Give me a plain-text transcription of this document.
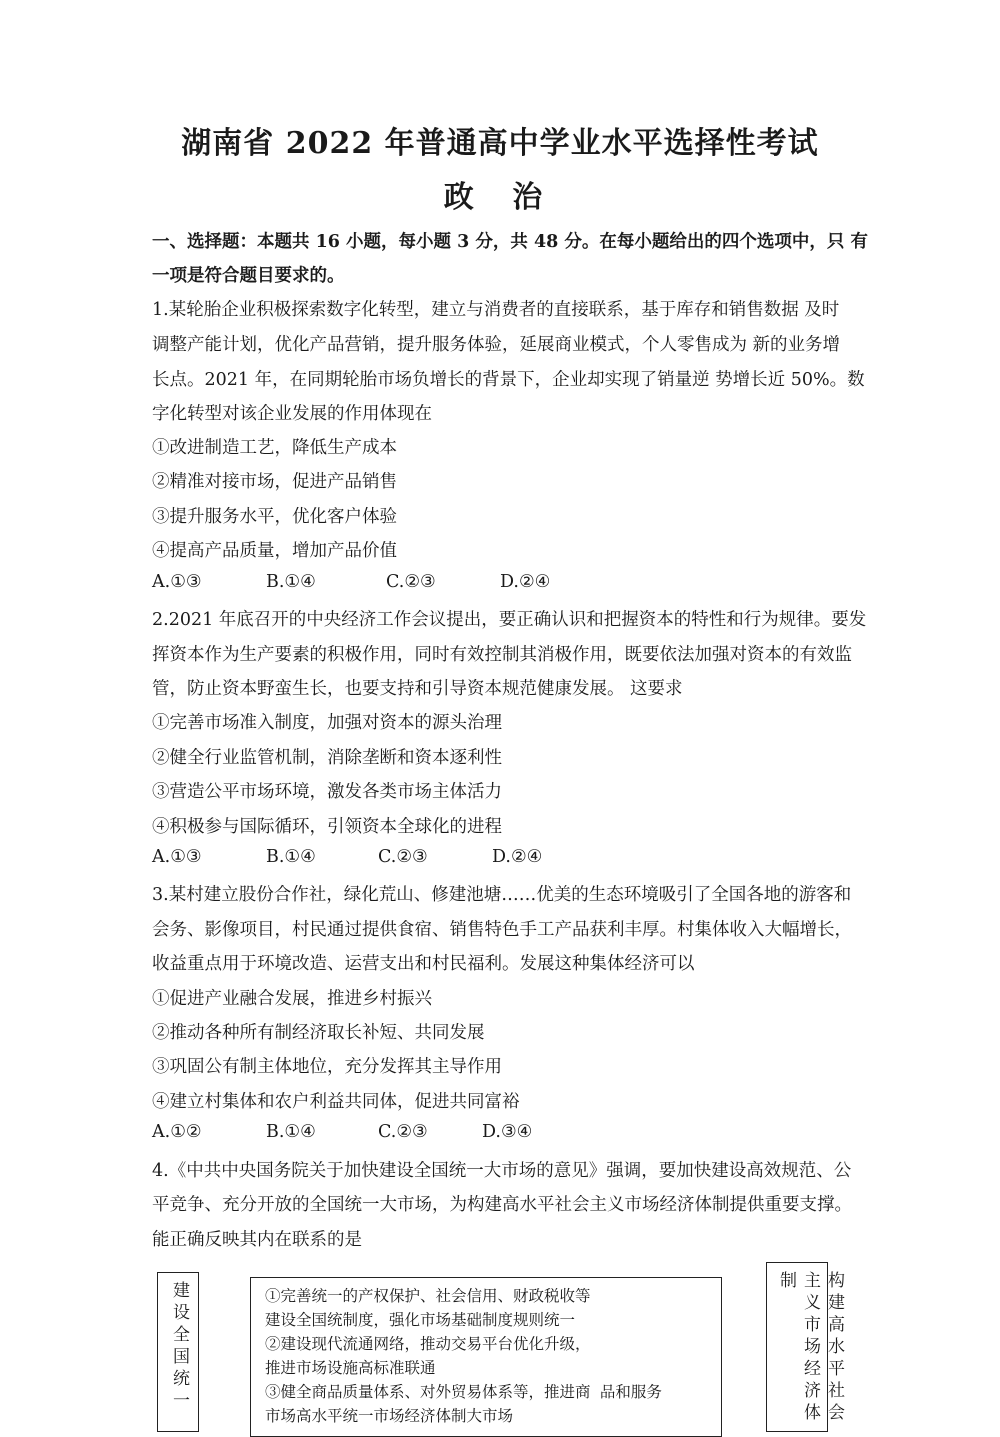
湖南省 2022 年普通高中学业水平选择性考试
政 治
一、选择题：本题共 16 小题，每小题 3 分，共 48 分。在每小题给出的四个选项中，只 有
一项是符合题目要求的。
1.某轮胎企业积极探索数字化转型，建立与消费者的直接联系，基于库存和销售数据 及时
调整产能计划，优化产品营销，提升服务体验，延展商业模式，个人零售成为 新的业务增
长点。2021 年，在同期轮胎市场负增长的背景下，企业却实现了销量逆 势增长近 50%。数
字化转型对该企业发展的作用体现在
①改进制造工艺，降低生产成本
②精准对接市场，促进产品销售
③提升服务水平，优化客户体验
④提高产品质量，增加产品价值
A.①③	B.①④	C.②③	D.②④
2.2021 年底召开的中央经济工作会议提出，要正确认识和把握资本的特性和行为规律。要发
挥资本作为生产要素的积极作用，同时有效控制其消极作用，既要依法加强对资本的有效监
管，防止资本野蛮生长，也要支持和引导资本规范健康发展。 这要求
①完善市场准入制度，加强对资本的源头治理
②健全行业监管机制，消除垄断和资本逐利性
③营造公平市场环境，激发各类市场主体活力
④积极参与国际循环，引领资本全球化的进程
A.①③	B.①④	C.②③	D.②④
3.某村建立股份合作社，绿化荒山、修建池塘……优美的生态环境吸引了全国各地的游客和
会务、影像项目，村民通过提供食宿、销售特色手工产品获利丰厚。村集体收入大幅增长，
收益重点用于环境改造、运营支出和村民福利。发展这种集体经济可以
①促进产业融合发展，推进乡村振兴
②推动各种所有制经济取长补短、共同发展
③巩固公有制主体地位，充分发挥其主导作用
④建立村集体和农户利益共同体，促进共同富裕
A.①②	B.①④	C.②③	D.③④
4.《中共中央国务院关于加快建设全国统一大市场的意见》强调，要加快建设高效规范、公
平竞争、充分开放的全国统一大市场，为构建高水平社会主义市场经济体制提供重要支撑。
能正确反映其内在联系的是
建设全国统一	①完善统一的产权保护、社会信用、财政税收等
建设全国统制度，强化市场基础制度规则统一
②建设现代流通网络，推动交易平台优化升级，
推进市场设施高标准联通
③健全商品质量体系、对外贸易体系等，推进商 品和服务
市场高水平统一市场经济体制大市场	构建高水平社会主义市场经济体制
